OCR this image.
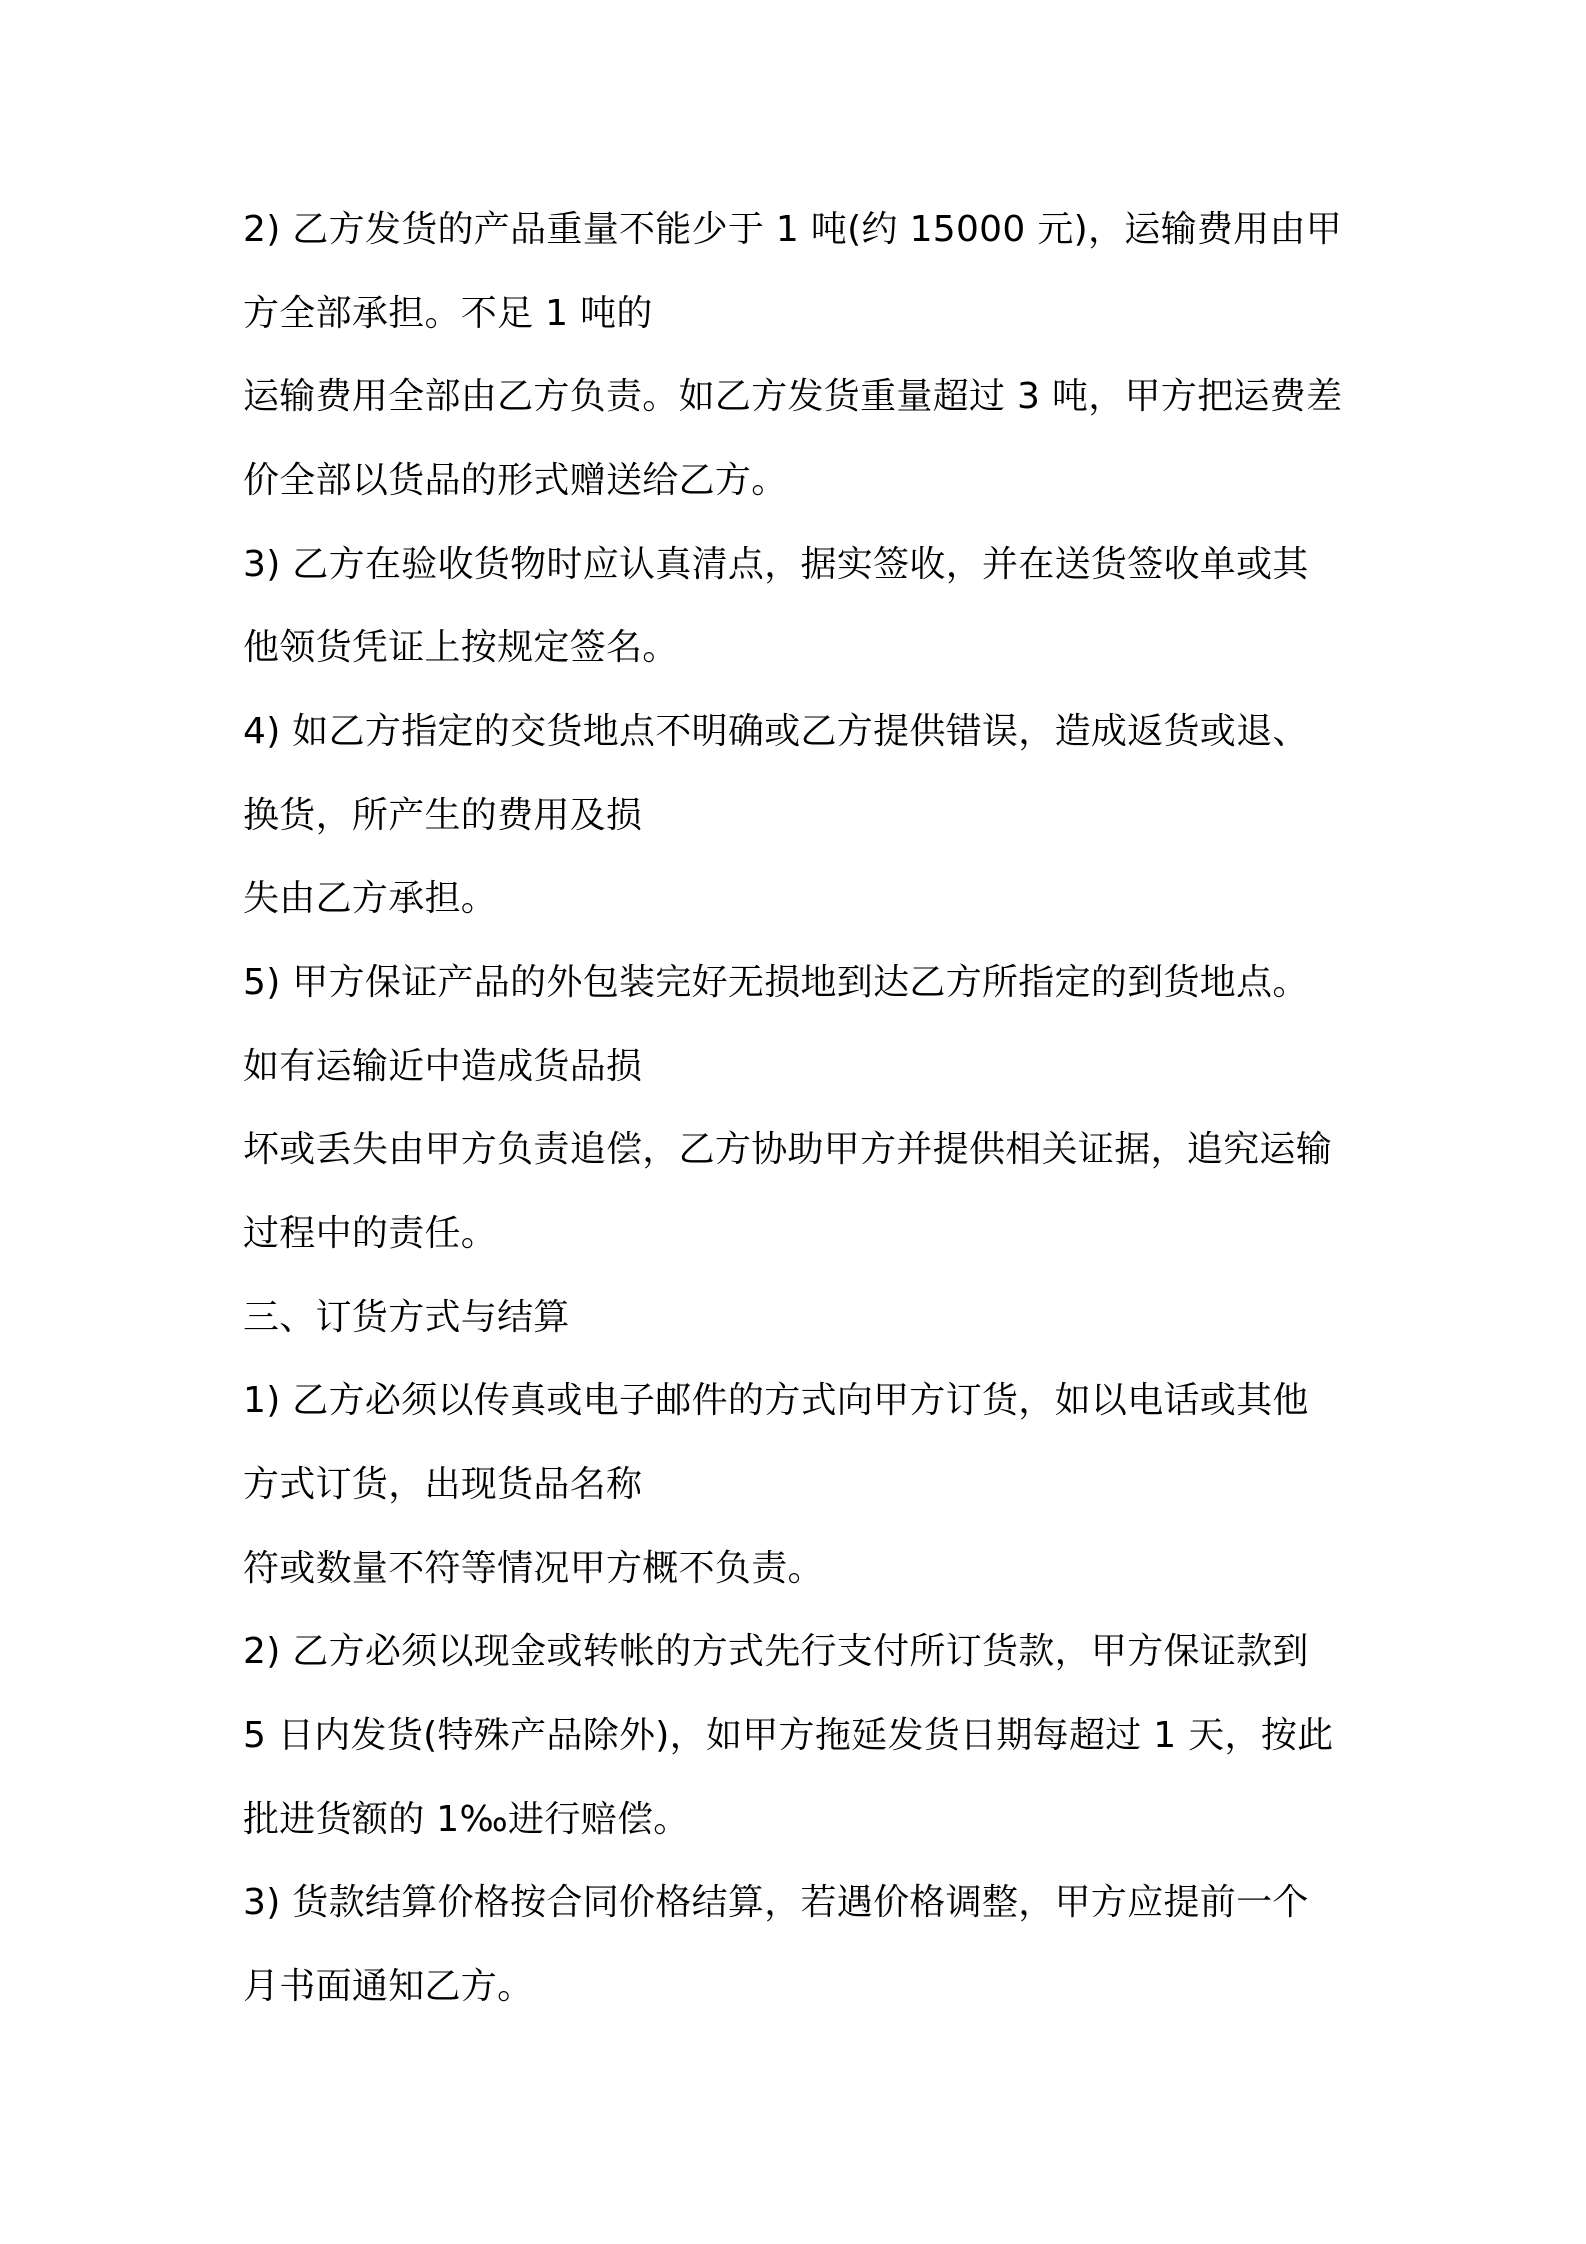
2) 乙方发货的产品重量不能少于 1 吨(约 15000 元)，运输费用由甲
方全部承担。不足 1 吨的
运输费用全部由乙方负责。如乙方发货重量超过 3 吨，甲方把运费差
价全部以货品的形式赠送给乙方。
3) 乙方在验收货物时应认真清点，据实签收，并在送货签收单或其
他领货凭证上按规定签名。
4) 如乙方指定的交货地点不明确或乙方提供错误，造成返货或退、
换货，所产生的费用及损
失由乙方承担。
5) 甲方保证产品的外包装完好无损地到达乙方所指定的到货地点。
如有运输近中造成货品损
坏或丢失由甲方负责追偿，乙方协助甲方并提供相关证据，追究运输
过程中的责任。
三、订货方式与结算
1) 乙方必须以传真或电子邮件的方式向甲方订货，如以电话或其他
方式订货，出现货品名称
符或数量不符等情况甲方概不负责。
2) 乙方必须以现金或转帐的方式先行支付所订货款，甲方保证款到
5 日内发货(特殊产品除外)，如甲方拖延发货日期每超过 1 天，按此
批进货额的 1‰进行赔偿。
3) 货款结算价格按合同价格结算，若遇价格调整，甲方应提前一个
月书面通知乙方。
